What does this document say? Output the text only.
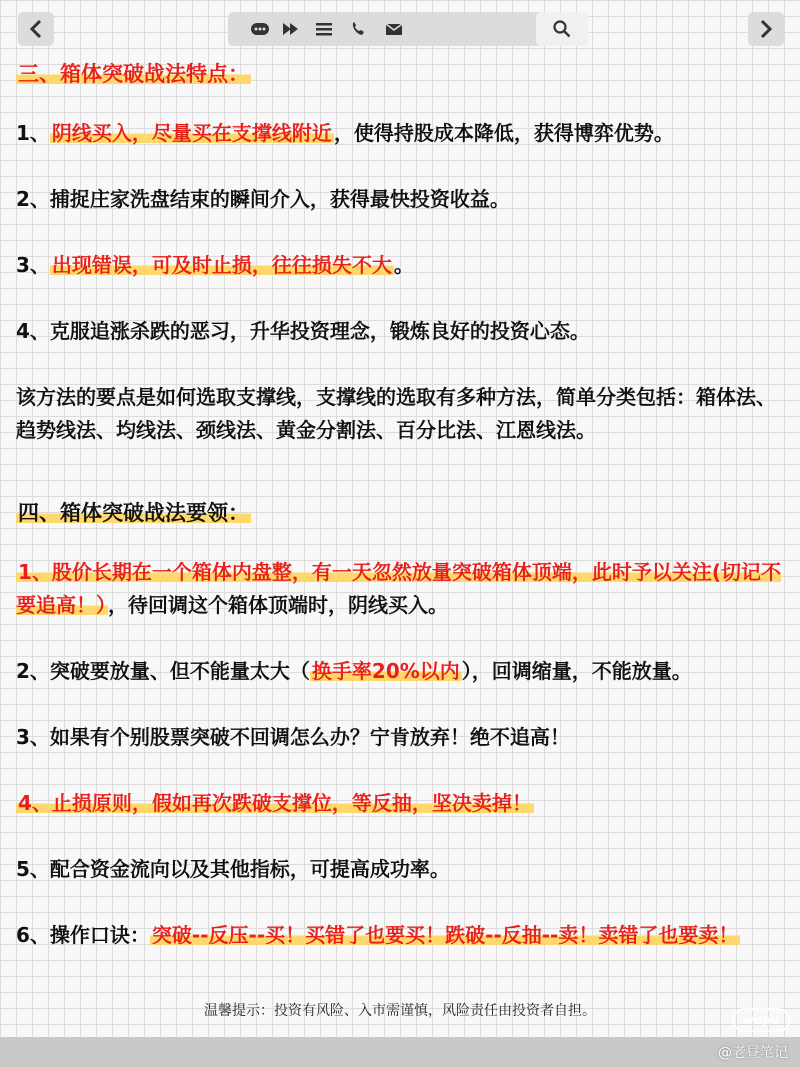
三、箱体突破战法特点：
1、 阴线买入，尽量买在支撑线附近 ，使得持股成本降低，获得博弈优势。
2、捕捉庄家洗盘结束的瞬间介入，获得最快投资收益。
3、 出现错误，可及时止损，往往损失不大 。
4、克服追涨杀跌的恶习，升华投资理念，锻炼良好的投资心态。
该方法的要点是如何选取支撑线，支撑线的选取有多种方法，简单分类包括：箱体法、趋势线法、均线法、颈线法、黄金分割法、百分比法、江恩线法。
四、箱体突破战法要领：
1、股价长期在一个箱体内盘整，有一天忽然放量突破箱体顶端，此时予以关注(切记不要追高！） ，待回调这个箱体顶端时，阴线买入。
2、突破要放量、但不能量太大（ 换手率20%以内 ），回调缩量，不能放量。
3、如果有个别股票突破不回调怎么办？宁肯放弃！绝不追高！
4、止损原则，假如再次跌破支撑位，等反抽，坚决卖掉！
5、配合资金流向以及其他指标，可提高成功率。
6、操作口诀： 突破--反压--买！买错了也要买！跌破--反抽--卖！卖错了也要卖！
温馨提示：投资有风险、入市需谨慎，风险责任由投资者自担。
wupu
@老昼笔记
